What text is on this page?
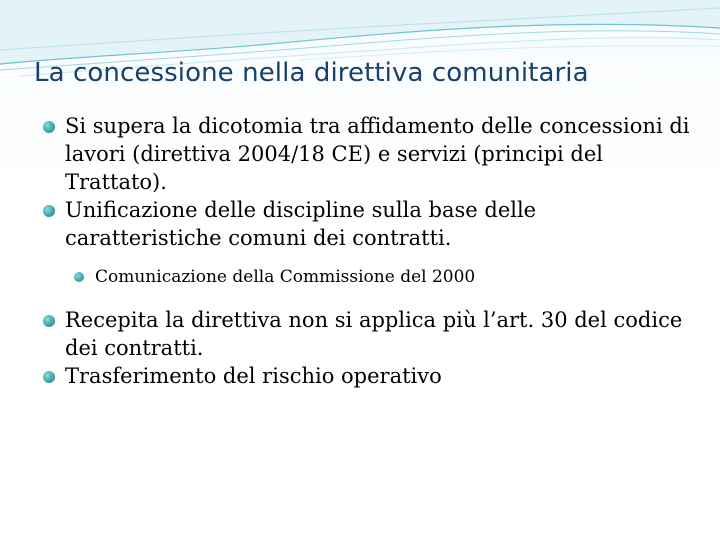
La concessione nella direttiva comunitaria
Si supera la dicotomia tra affidamento delle concessioni di lavori (direttiva 2004/18 CE) e servizi (principi del Trattato).
Unificazione delle discipline sulla base delle caratteristiche comuni dei contratti.
Comunicazione della Commissione del 2000
Recepita la direttiva non si applica più l’art. 30 del codice dei contratti.
Trasferimento del rischio operativo
